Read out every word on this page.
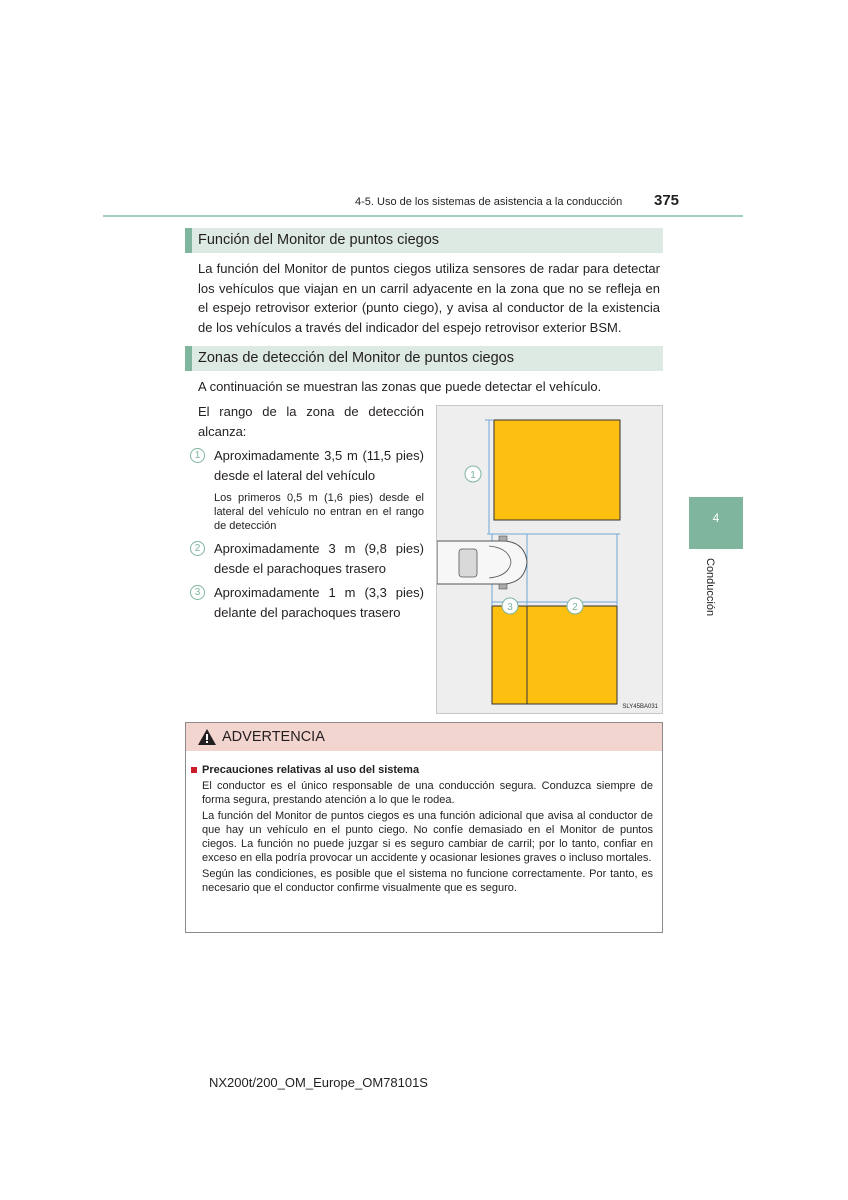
4-5. Uso de los sistemas de asistencia a la conducción 375
4
Conducción
Función del Monitor de puntos ciegos
La función del Monitor de puntos ciegos utiliza sensores de radar para detectar los vehículos que viajan en un carril adyacente en la zona que no se refleja en el espejo retrovisor exterior (punto ciego), y avisa al conductor de la existencia de los vehículos a través del indicador del espejo retrovisor exterior BSM.
Zonas de detección del Monitor de puntos ciegos
A continuación se muestran las zonas que puede detectar el vehículo.
El rango de la zona de detección alcanza:
1	Aproximadamente 3,5 m (11,5 pies) desde el lateral del vehículo
Los primeros 0,5 m (1,6 pies) desde el lateral del vehículo no entran en el rango de detección
2	Aproximadamente 3 m (9,8 pies) desde el parachoques trasero
3	Aproximadamente 1 m (3,3 pies) delante del parachoques trasero
1
3	2
SLY45BA031
ADVERTENCIA
Precauciones relativas al uso del sistema
El conductor es el único responsable de una conducción segura. Conduzca siempre de forma segura, prestando atención a lo que le rodea.
La función del Monitor de puntos ciegos es una función adicional que avisa al conductor de que hay un vehículo en el punto ciego. No confíe demasiado en el Monitor de puntos ciegos. La función no puede juzgar si es seguro cambiar de carril; por lo tanto, confiar en exceso en ella podría provocar un accidente y ocasionar lesiones graves o incluso mortales.
Según las condiciones, es posible que el sistema no funcione correctamente. Por tanto, es necesario que el conductor confirme visualmente que es seguro.
NX200t/200_OM_Europe_OM78101S
